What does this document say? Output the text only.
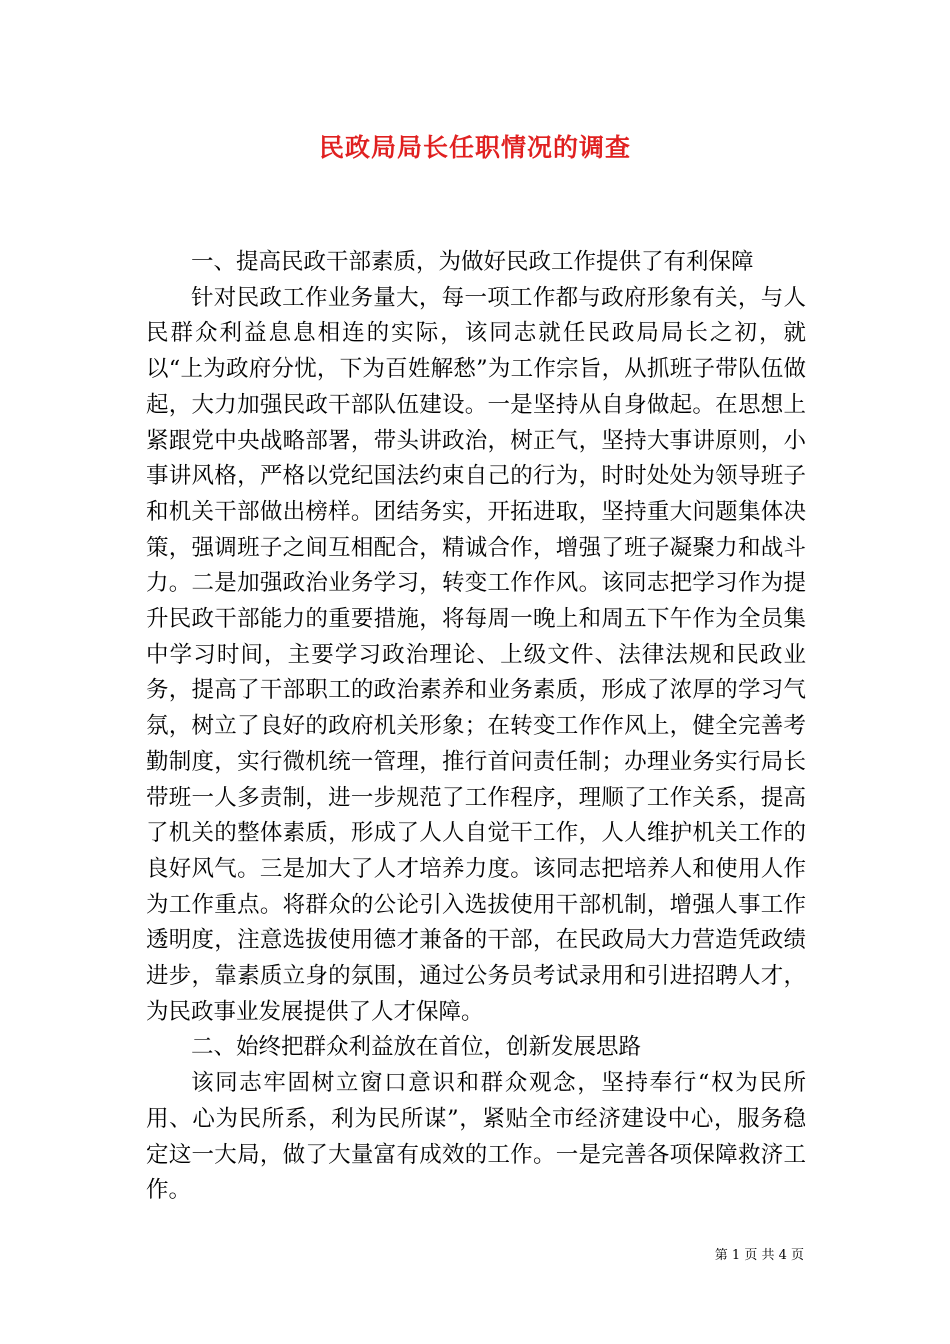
民政局局长任职情况的调查

一、提高民政干部素质，为做好民政工作提供了有利保障

针对民政工作业务量大，每一项工作都与政府形象有关，与人民群众利益息息相连的实际，该同志就任民政局局长之初，就以“上为政府分忧，下为百姓解愁”为工作宗旨，从抓班子带队伍做起，大力加强民政干部队伍建设。一是坚持从自身做起。在思想上紧跟党中央战略部署，带头讲政治，树正气，坚持大事讲原则，小事讲风格，严格以党纪国法约束自己的行为，时时处处为领导班子和机关干部做出榜样。团结务实，开拓进取，坚持重大问题集体决策，强调班子之间互相配合，精诚合作，增强了班子凝聚力和战斗力。二是加强政治业务学习，转变工作作风。该同志把学习作为提升民政干部能力的重要措施，将每周一晚上和周五下午作为全员集中学习时间，主要学习政治理论、上级文件、法律法规和民政业务，提高了干部职工的政治素养和业务素质，形成了浓厚的学习气氛，树立了良好的政府机关形象；在转变工作作风上，健全完善考勤制度，实行微机统一管理，推行首问责任制；办理业务实行局长带班一人多责制，进一步规范了工作程序，理顺了工作关系，提高了机关的整体素质，形成了人人自觉干工作，人人维护机关工作的良好风气。三是加大了人才培养力度。该同志把培养人和使用人作为工作重点。将群众的公论引入选拔使用干部机制，增强人事工作透明度，注意选拔使用德才兼备的干部，在民政局大力营造凭政绩进步，靠素质立身的氛围，通过公务员考试录用和引进招聘人才，为民政事业发展提供了人才保障。

二、始终把群众利益放在首位，创新发展思路

该同志牢固树立窗口意识和群众观念，坚持奉行“权为民所用、心为民所系，利为民所谋”，紧贴全市经济建设中心，服务稳定这一大局，做了大量富有成效的工作。一是完善各项保障救济工作。

第 1 页 共 4 页
